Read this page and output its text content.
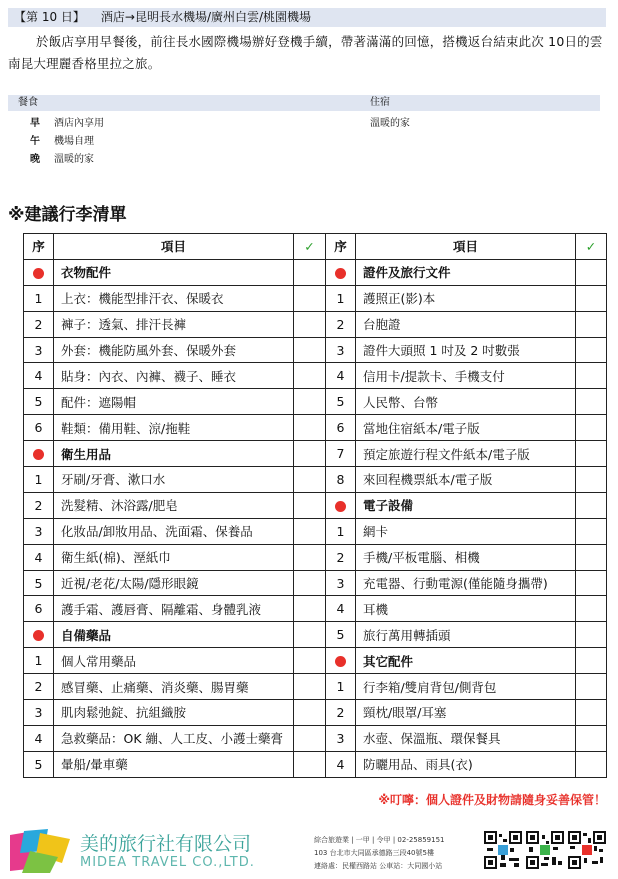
【第 10 日】 酒店→昆明長水機場/廣州白雲/桃園機場
於飯店享用早餐後，前往長水國際機場辦好登機手續，帶著滿滿的回憶，搭機返台結束此次 10日的雲南昆大理麗香格里拉之旅。
餐食	住宿
早 酒店內享用	溫暖的家
午 機場自理
晚 溫暖的家
※建議行李清單
序	項目	✓	序	項目	✓
	衣物配件			證件及旅行文件	
1	上衣：機能型排汗衣、保暖衣		1	護照正(影)本	
2	褲子：透氣、排汗長褲		2	台胞證	
3	外套：機能防風外套、保暖外套		3	證件大頭照 1 吋及 2 吋數張	
4	貼身：內衣、內褲、襪子、睡衣		4	信用卡/提款卡、手機支付	
5	配件：遮陽帽		5	人民幣、台幣	
6	鞋類：備用鞋、涼/拖鞋		6	當地住宿紙本/電子版	
	衛生用品		7	預定旅遊行程文件紙本/電子版	
1	牙刷/牙膏、漱口水		8	來回程機票紙本/電子版	
2	洗髮精、沐浴露/肥皂			電子設備	
3	化妝品/卸妝用品、洗面霜、保養品		1	網卡	
4	衛生紙(棉)、溼紙巾		2	手機/平板電腦、相機	
5	近視/老花/太陽/隱形眼鏡		3	充電器、行動電源(僅能隨身攜帶)	
6	護手霜、護唇膏、隔離霜、身體乳液		4	耳機	
	自備藥品		5	旅行萬用轉插頭	
1	個人常用藥品			其它配件	
2	感冒藥、止痛藥、消炎藥、腸胃藥		1	行李箱/雙肩背包/側背包	
3	肌肉鬆弛錠、抗組織胺		2	頸枕/眼罩/耳塞	
4	急救藥品：OK 繃、人工皮、小護士藥膏		3	水壺、保溫瓶、環保餐具	
5	暈船/暈車藥		4	防曬用品、雨具(衣)	
※叮嚀：個人證件及財物請隨身妥善保管！
美的旅行社有限公司
MIDEA TRAVEL CO.,LTD.
綜合旅遊業 | 一甲 | 令甲 | 02-25859151
103 台北市大同區承德路三段40號5樓
連絡處：民權西路站 公車站：大同國小站
